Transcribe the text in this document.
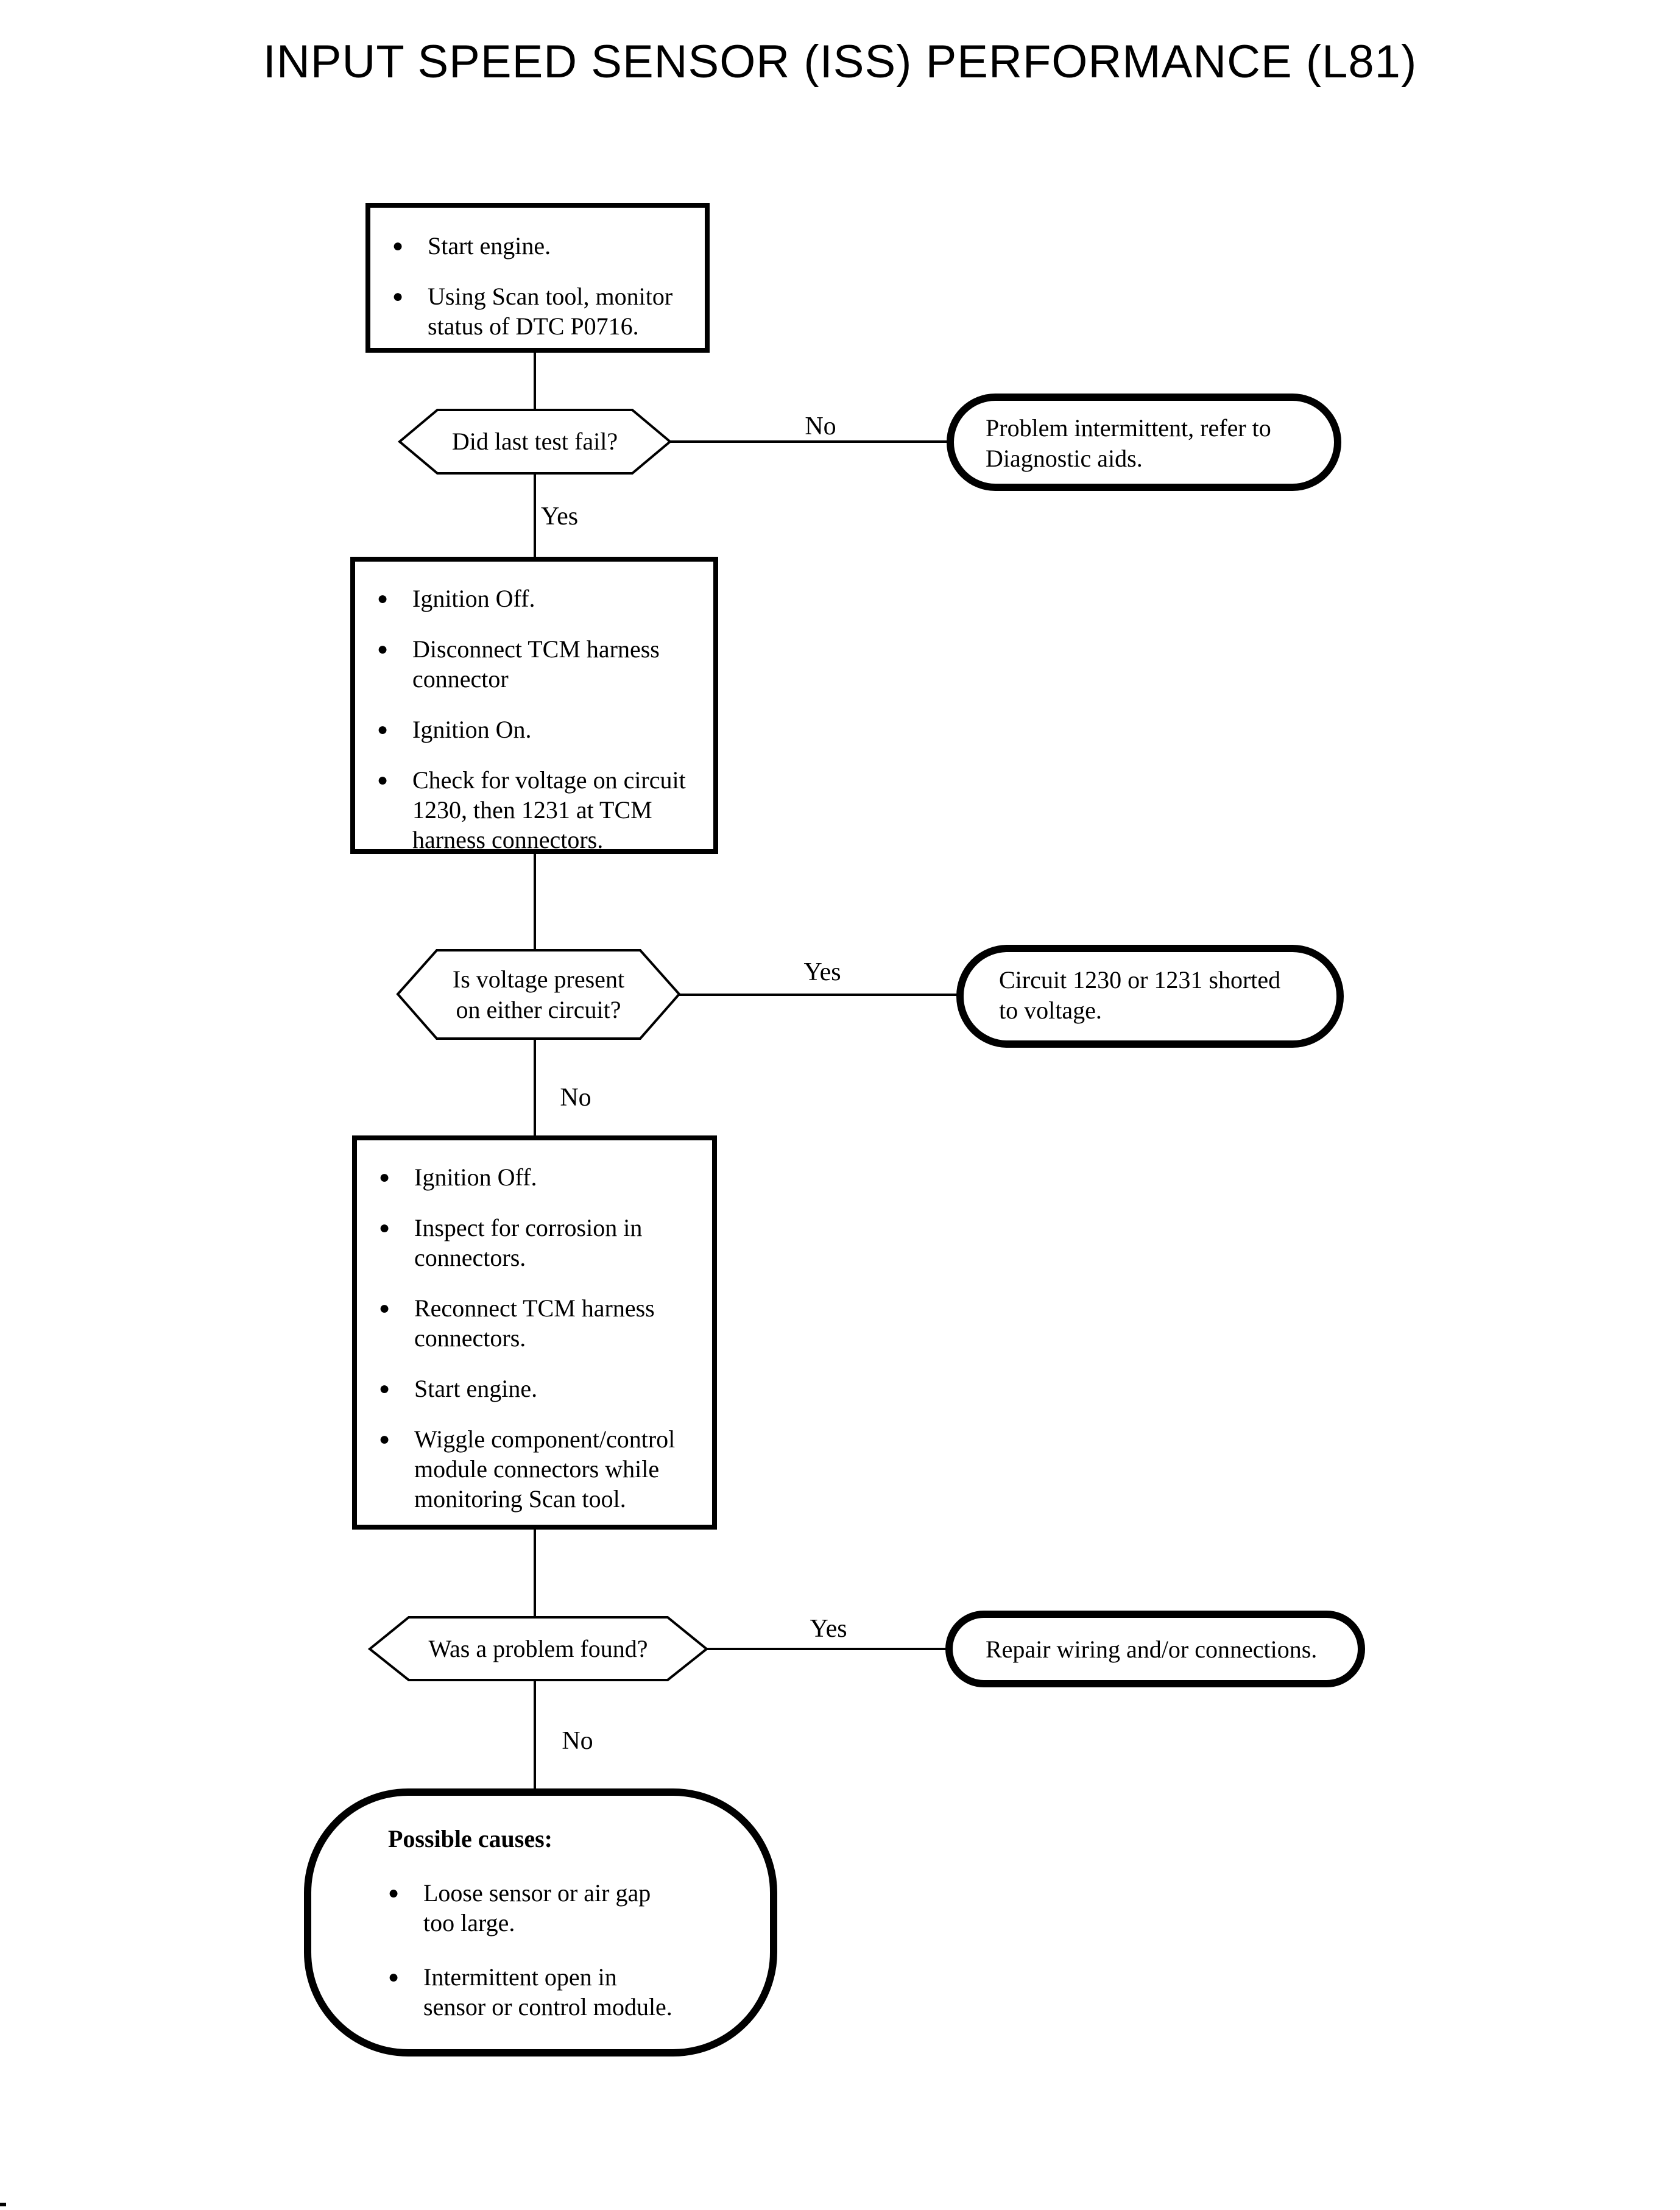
INPUT SPEED SENSOR (ISS) PERFORMANCE (L81)
● Start engine.
● Using Scan tool, monitor
status of DTC P0716.
Did last test fail?
No
Yes
Problem intermittent, refer to
Diagnostic aids.
● Ignition Off.
● Disconnect TCM harness
connector
● Ignition On.
● Check for voltage on circuit
1230, then 1231 at TCM
harness connectors.
Is voltage present
on either circuit?
Yes
No
Circuit 1230 or 1231 shorted
to voltage.
● Ignition Off.
● Inspect for corrosion in
connectors.
● Reconnect TCM harness
connectors.
● Start engine.
● Wiggle component/control
module connectors while
monitoring Scan tool.
Was a problem found?
Yes
No
Repair wiring and/or connections.
Possible causes:
● Loose sensor or air gap
too large.
● Intermittent open in
sensor or control module.
